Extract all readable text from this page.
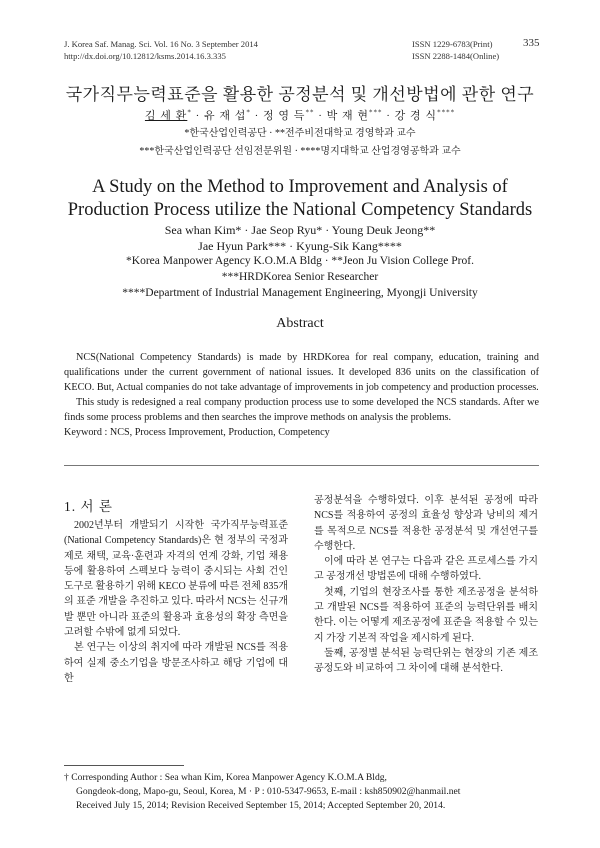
J. Korea Saf. Manag. Sci. Vol. 16 No. 3 September 2014
http://dx.doi.org/10.12812/ksms.2014.16.3.335
ISSN 1229-6783(Print)
ISSN 2288-1484(Online)
335
국가직무능력표준을 활용한 공정분석 및 개선방법에 관한 연구
김 세 환* · 유 재 섭* · 정 영 득** · 박 재 현*** · 강 경 식****
*한국산업인력공단 · **전주비전대학교 경영학과 교수
***한국산업인력공단 선임전문위원 · ****명지대학교 산업경영공학과 교수
A Study on the Method to Improvement and Analysis of
Production Process utilize the National Competency Standards
Sea whan Kim* · Jae Seop Ryu* · Young Deuk Jeong**
Jae Hyun Park*** · Kyung-Sik Kang****
*Korea Manpower Agency K.O.M.A Bldg · **Jeon Ju Vision College Prof.
***HRDKorea Senior Researcher
****Department of Industrial Management Engineering, Myongji University
Abstract

NCS(National Competency Standards) is made by HRDKorea for real company, education, training and qualifications under the current government of national issues. It developed 836 units on the classification of KECO. But, Actual companies do not take advantage of improvements in job competency and production processes.

This study is redesigned a real company production process use to some developed the NCS standards. After we finds some process problems and then searches the improve methods on analysis the problems.

Keyword : NCS, Process Improvement, Production, Competency

1. 서 론

2002년부터 개발되기 시작한 국가직무능력표준(National Competency Standards)은 현 정부의 국정과제로 채택, 교육·훈련과 자격의 연계 강화, 기업 채용 등에 활용하여 스펙보다 능력이 중시되는 사회 건인 도구로 활용하기 위해 KECO 분류에 따른 전체 835개의 표준 개발을 추진하고 있다. 따라서 NCS는 신규개발 뿐만 아니라 표준의 활용과 효용성의 확장 측면을 고려할 수밖에 없게 되었다.

본 연구는 이상의 취지에 따라 개발된 NCS를 적용하여 실제 중소기업을 방문조사하고 해당 기업에 대한

공정분석을 수행하였다. 이후 분석된 공정에 따라 NCS를 적용하여 공정의 효율성 향상과 낭비의 제거를 목적으로 NCS를 적용한 공정분석 및 개선연구를 수행한다.

이에 따라 본 연구는 다음과 같은 프로세스를 가지고 공정개선 방법론에 대해 수행하였다.

첫째, 기업의 현장조사를 통한 제조공정을 분석하고 개발된 NCS를 적용하여 표준의 능력단위를 배치한다. 이는 어떻게 제조공정에 표준을 적용할 수 있는지 가장 기본적 작업을 제시하게 된다.

둘째, 공정별 분석된 능력단위는 현장의 기존 제조공정도와 비교하여 그 차이에 대해 분석한다.

† Corresponding Author : Sea whan Kim, Korea Manpower Agency K.O.M.A Bldg,
Gongdeok-dong, Mapo-gu, Seoul, Korea, M · P : 010-5347-9653, E-mail : ksh850902@hanmail.net
Received July 15, 2014; Revision Received September 15, 2014; Accepted September 20, 2014.
